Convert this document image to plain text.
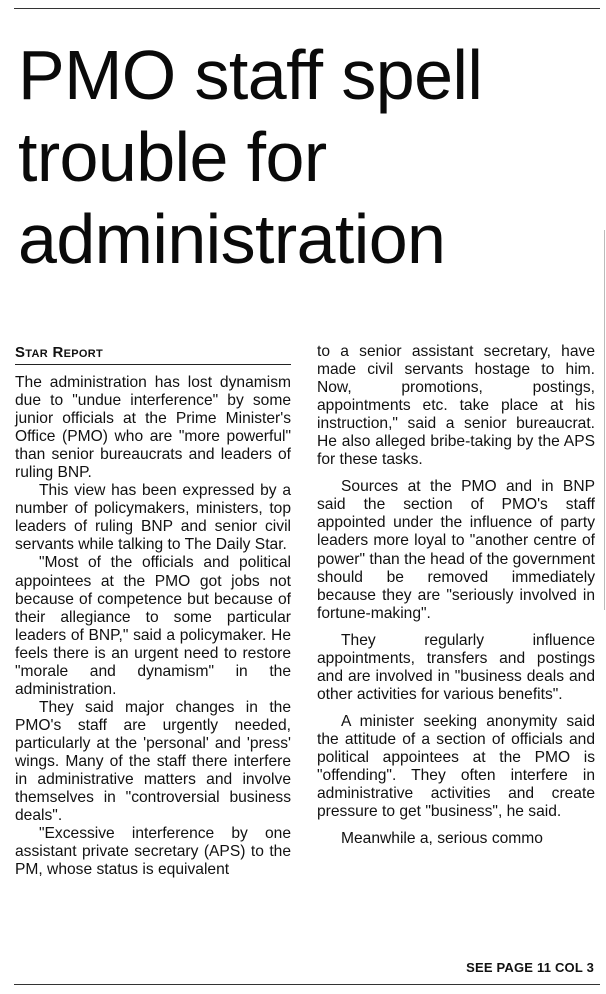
PMO staff spell trouble for administration
Star Report

The administration has lost dynamism due to "undue interference" by some junior officials at the Prime Minister's Office (PMO) who are "more powerful" than senior bureaucrats and leaders of ruling BNP.

This view has been expressed by a number of policymakers, ministers, top leaders of ruling BNP and senior civil servants while talking to The Daily Star.

"Most of the officials and political appointees at the PMO got jobs not because of competence but because of their allegiance to some particular leaders of BNP," said a policymaker. He feels there is an urgent need to restore "morale and dynamism" in the administration.

They said major changes in the PMO's staff are urgently needed, particularly at the 'personal' and 'press' wings. Many of the staff there interfere in administrative matters and involve themselves in "controversial business deals".

"Excessive interference by one assistant private secretary (APS) to the PM, whose status is equivalent

to a senior assistant secretary, have made civil servants hostage to him. Now, promotions, postings, appointments etc. take place at his instruction," said a senior bureaucrat. He also alleged bribe-taking by the APS for these tasks.

Sources at the PMO and in BNP said the section of PMO's staff appointed under the influence of party leaders more loyal to "another centre of power" than the head of the government should be removed immediately because they are "seriously involved in fortune-making".

They regularly influence appointments, transfers and postings and are involved in "business deals and other activities for various benefits".

A minister seeking anonymity said the attitude of a section of officials and political appointees at the PMO is "offending". They often interfere in administrative activities and create pressure to get "business", he said.

Meanwhile a, serious commo

SEE PAGE 11 COL 3
